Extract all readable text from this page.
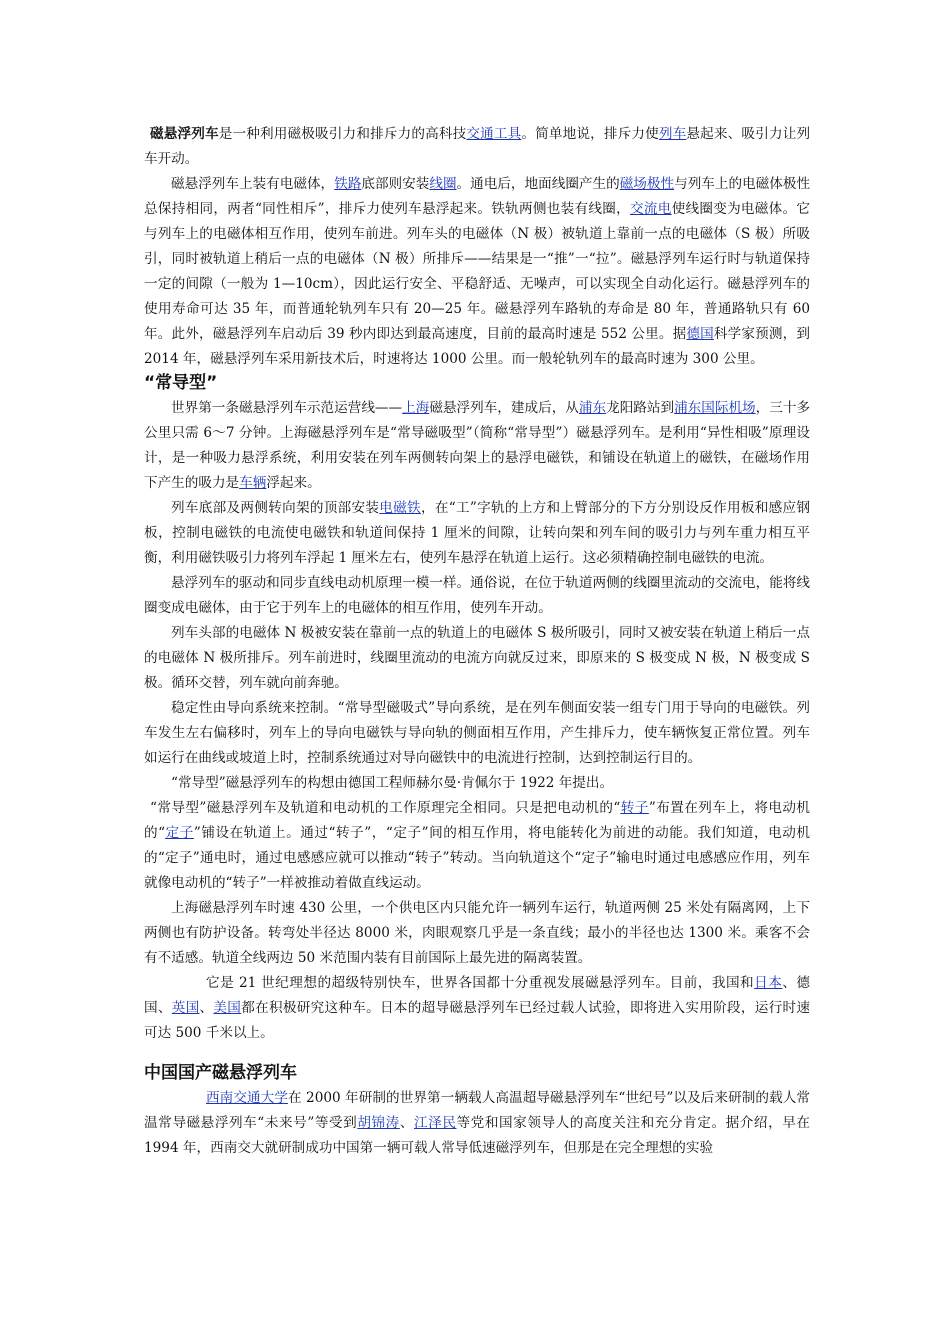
磁悬浮列车是一种利用磁极吸引力和排斥力的高科技交通工具。简单地说，排斥力使列车悬起来、吸引力让列车开动。

磁悬浮列车上装有电磁体，铁路底部则安装线圈。通电后，地面线圈产生的磁场极性与列车上的电磁体极性总保持相同，两者“同性相斥”，排斥力使列车悬浮起来。铁轨两侧也装有线圈，交流电使线圈变为电磁体。它与列车上的电磁体相互作用，使列车前进。列车头的电磁体（N 极）被轨道上靠前一点的电磁体（S 极）所吸引，同时被轨道上稍后一点的电磁体（N 极）所排斥——结果是一“推”一“拉”。磁悬浮列车运行时与轨道保持一定的间隙（一般为 1—10cm），因此运行安全、平稳舒适、无噪声，可以实现全自动化运行。磁悬浮列车的使用寿命可达 35 年，而普通轮轨列车只有 20—25 年。磁悬浮列车路轨的寿命是 80 年，普通路轨只有 60 年。此外，磁悬浮列车启动后 39 秒内即达到最高速度，目前的最高时速是 552 公里。据德国科学家预测，到 2014 年，磁悬浮列车采用新技术后，时速将达 1000 公里。而一般轮轨列车的最高时速为 300 公里。

“常导型”

世界第一条磁悬浮列车示范运营线——上海磁悬浮列车，建成后，从浦东龙阳路站到浦东国际机场，三十多公里只需 6～7 分钟。上海磁悬浮列车是“常导磁吸型”（简称“常导型”）磁悬浮列车。是利用“异性相吸”原理设计，是一种吸力悬浮系统，利用安装在列车两侧转向架上的悬浮电磁铁，和铺设在轨道上的磁铁，在磁场作用下产生的吸力是车辆浮起来。

列车底部及两侧转向架的顶部安装电磁铁，在“工”字轨的上方和上臂部分的下方分别设反作用板和感应钢板，控制电磁铁的电流使电磁铁和轨道间保持 1 厘米的间隙，让转向架和列车间的吸引力与列车重力相互平衡，利用磁铁吸引力将列车浮起 1 厘米左右，使列车悬浮在轨道上运行。这必须精确控制电磁铁的电流。

悬浮列车的驱动和同步直线电动机原理一模一样。通俗说，在位于轨道两侧的线圈里流动的交流电，能将线圈变成电磁体，由于它于列车上的电磁体的相互作用，使列车开动。

列车头部的电磁体 N 极被安装在靠前一点的轨道上的电磁体 S 极所吸引，同时又被安装在轨道上稍后一点的电磁体 N 极所排斥。列车前进时，线圈里流动的电流方向就反过来，即原来的 S 极变成 N 极，N 极变成 S 极。循环交替，列车就向前奔驰。

稳定性由导向系统来控制。“常导型磁吸式”导向系统，是在列车侧面安装一组专门用于导向的电磁铁。列车发生左右偏移时，列车上的导向电磁铁与导向轨的侧面相互作用，产生排斥力，使车辆恢复正常位置。列车如运行在曲线或坡道上时，控制系统通过对导向磁铁中的电流进行控制，达到控制运行目的。

“常导型”磁悬浮列车的构想由德国工程师赫尔曼·肯佩尔于 1922 年提出。

“常导型”磁悬浮列车及轨道和电动机的工作原理完全相同。只是把电动机的“转子”布置在列车上，将电动机的“定子”铺设在轨道上。通过“转子”，“定子”间的相互作用，将电能转化为前进的动能。我们知道，电动机的“定子”通电时，通过电感感应就可以推动“转子”转动。当向轨道这个“定子”输电时通过电感感应作用，列车就像电动机的“转子”一样被推动着做直线运动。

上海磁悬浮列车时速 430 公里，一个供电区内只能允许一辆列车运行，轨道两侧 25 米处有隔离网，上下两侧也有防护设备。转弯处半径达 8000 米，肉眼观察几乎是一条直线；最小的半径也达 1300 米。乘客不会有不适感。轨道全线两边 50 米范围内装有目前国际上最先进的隔离装置。

它是 21 世纪理想的超级特别快车，世界各国都十分重视发展磁悬浮列车。目前，我国和日本、德国、英国、美国都在积极研究这种车。日本的超导磁悬浮列车已经过载人试验，即将进入实用阶段，运行时速可达 500 千米以上。

中国国产磁悬浮列车

西南交通大学在 2000 年研制的世界第一辆载人高温超导磁悬浮列车“世纪号”以及后来研制的载人常温常导磁悬浮列车“未来号”等受到胡锦涛、江泽民等党和国家领导人的高度关注和充分肯定。据介绍，早在 1994 年，西南交大就研制成功中国第一辆可载人常导低速磁浮列车，但那是在完全理想的实验
